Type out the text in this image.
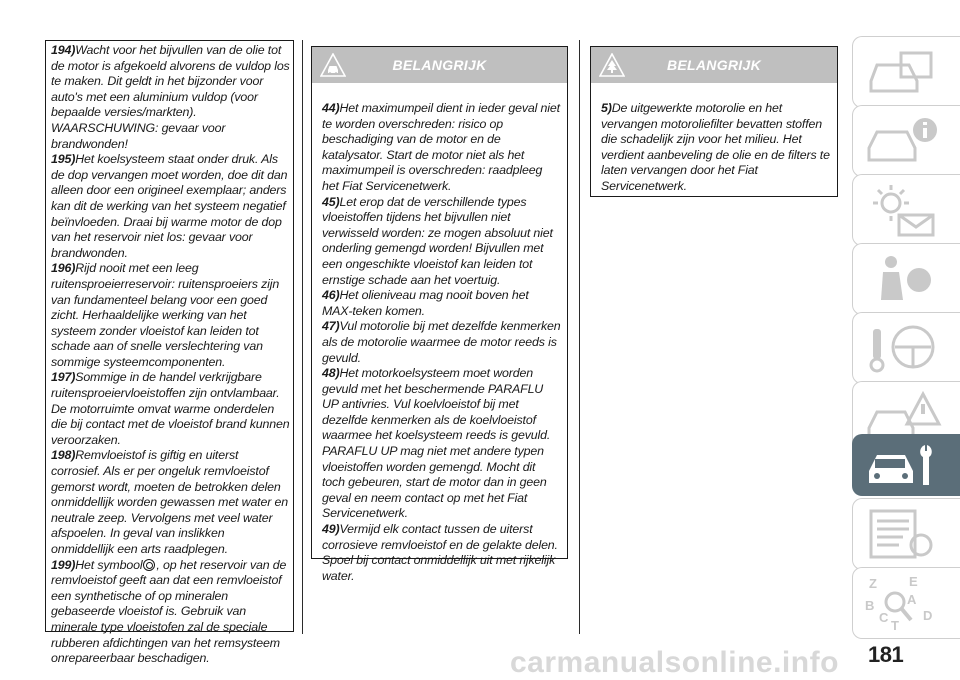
194)Wacht voor het bijvullen van de olie tot de motor is afgekoeld alvorens de vuldop los te maken. Dit geldt in het bijzonder voor auto's met een aluminium vuldop (voor bepaalde versies/markten). WAARSCHUWING: gevaar voor brandwonden!

195)Het koelsysteem staat onder druk. Als de dop vervangen moet worden, doe dit dan alleen door een origineel exemplaar; anders kan dit de werking van het systeem negatief beïnvloeden. Draai bij warme motor de dop van het reservoir niet los: gevaar voor brandwonden.

196)Rijd nooit met een leeg ruitensproeierreservoir: ruitensproeiers zijn van fundamenteel belang voor een goed zicht. Herhaaldelijke werking van het systeem zonder vloeistof kan leiden tot schade aan of snelle verslechtering van sommige systeemcomponenten.

197)Sommige in de handel verkrijgbare ruitensproeiervloeistoffen zijn ontvlambaar. De motorruimte omvat warme onderdelen die bij contact met de vloeistof brand kunnen veroorzaken.

198)Remvloeistof is giftig en uiterst corrosief. Als er per ongeluk remvloeistof gemorst wordt, moeten de betrokken delen onmiddellijk worden gewassen met water en neutrale zeep. Vervolgens met veel water afspoelen. In geval van inslikken onmiddellijk een arts raadplegen.

199)Het symbool , op het reservoir van de remvloeistof geeft aan dat een remvloeistof een synthetische of op mineralen gebaseerde vloeistof is. Gebruik van minerale type vloeistofen zal de speciale rubberen afdichtingen van het remsysteem onrepareerbaar beschadigen.

BELANGRIJK

44)Het maximumpeil dient in ieder geval niet te worden overschreden: risico op beschadiging van de motor en de katalysator. Start de motor niet als het maximumpeil is overschreden: raadpleeg het Fiat Servicenetwerk.

45)Let erop dat de verschillende types vloeistoffen tijdens het bijvullen niet verwisseld worden: ze mogen absoluut niet onderling gemengd worden! Bijvullen met een ongeschikte vloeistof kan leiden tot ernstige schade aan het voertuig.

46)Het olieniveau mag nooit boven het MAX-teken komen.

47)Vul motorolie bij met dezelfde kenmerken als de motorolie waarmee de motor reeds is gevuld.

48)Het motorkoelsysteem moet worden gevuld met het beschermende PARAFLU UP antivries. Vul koelvloeistof bij met dezelfde kenmerken als de koelvloeistof waarmee het koelsysteem reeds is gevuld. PARAFLU UP mag niet met andere typen vloeistoffen worden gemengd. Mocht dit toch gebeuren, start de motor dan in geen geval en neem contact op met het Fiat Servicenetwerk.

49)Vermijd elk contact tussen de uiterst corrosieve remvloeistof en de gelakte delen. Spoel bij contact onmiddellijk uit met rijkelijk water.

BELANGRIJK

5)De uitgewerkte motorolie en het vervangen motoroliefilter bevatten stoffen die schadelijk zijn voor het milieu. Het verdient aanbeveling de olie en de filters te laten vervangen door het Fiat Servicenetwerk.

Z E
A
B
C
T
D
carmanualsonline.info 181
